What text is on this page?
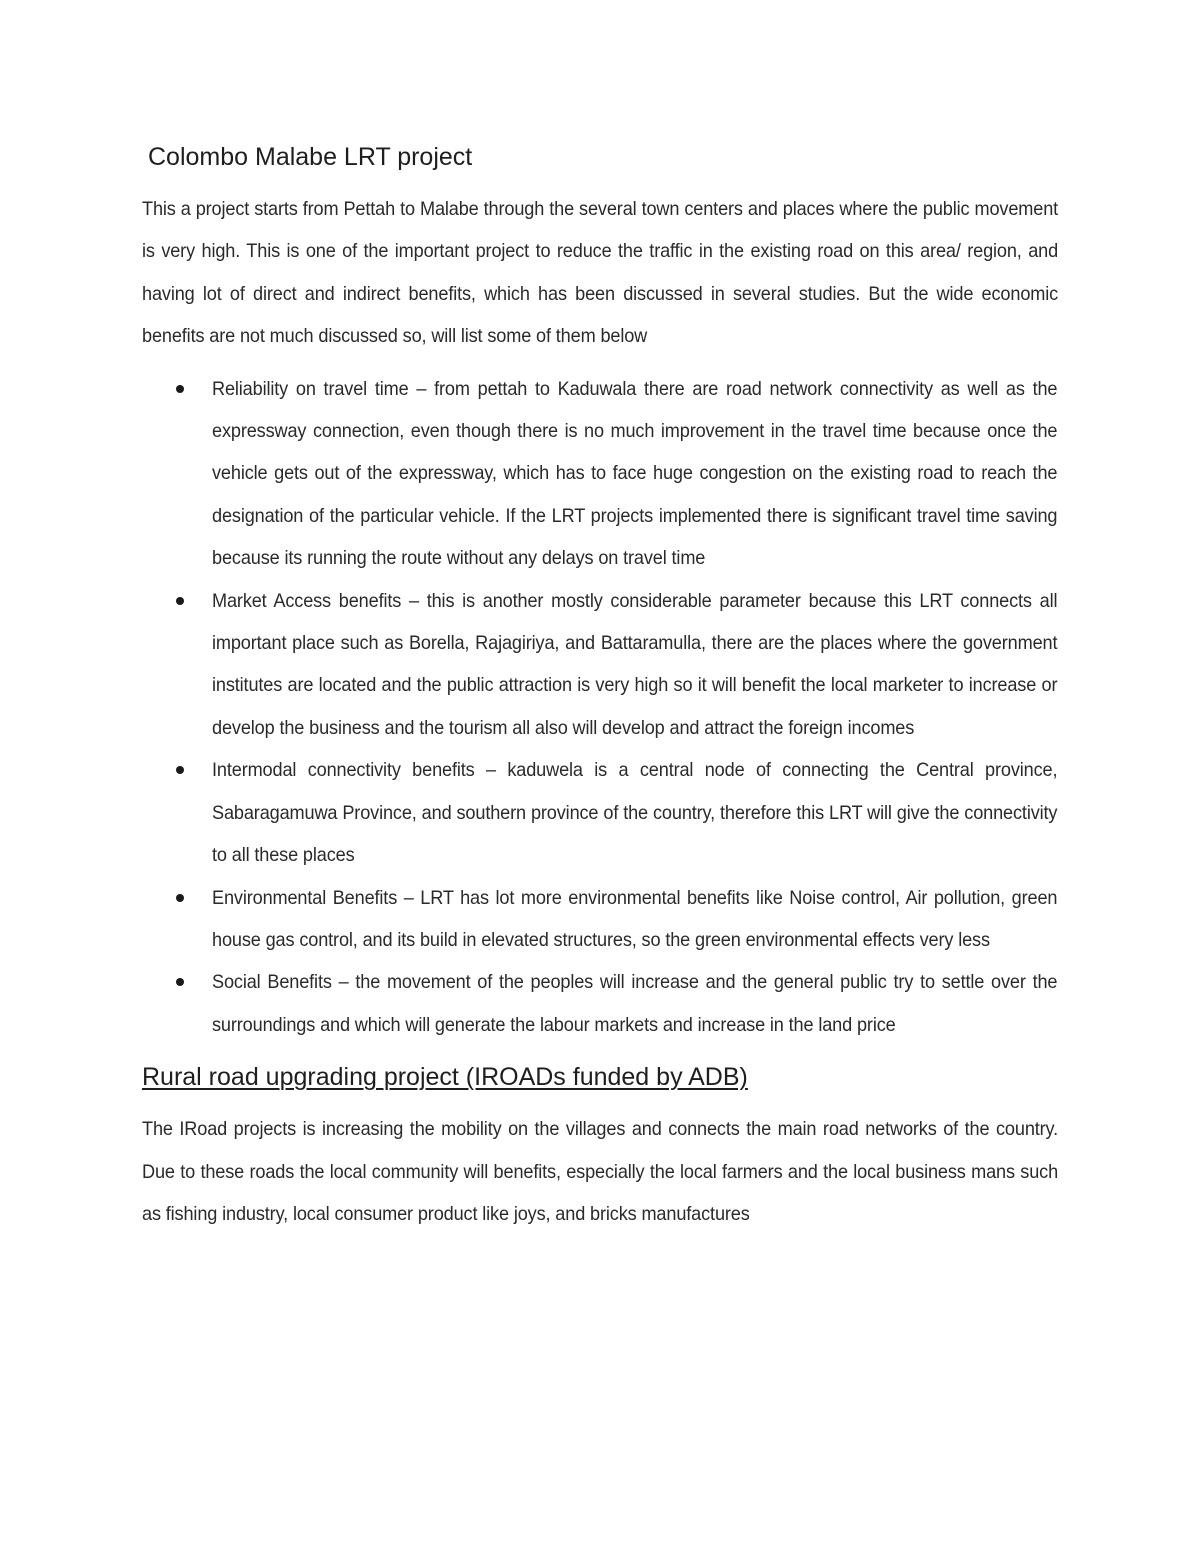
Colombo Malabe LRT project

This a project starts from Pettah to Malabe through the several town centers and places where the public movement is very high. This is one of the important project to reduce the traffic in the existing road on this area/ region, and having lot of direct and indirect benefits, which has been discussed in several studies. But the wide economic benefits are not much discussed so, will list some of them below

Reliability on travel time – from pettah to Kaduwala there are road network connectivity as well as the expressway connection, even though there is no much improvement in the travel time because once the vehicle gets out of the expressway, which has to face huge congestion on the existing road to reach the designation of the particular vehicle. If the LRT projects implemented there is significant travel time saving because its running the route without any delays on travel time

Market Access benefits – this is another mostly considerable parameter because this LRT connects all important place such as Borella, Rajagiriya, and Battaramulla, there are the places where the government institutes are located and the public attraction is very high so it will benefit the local marketer to increase or develop the business and the tourism all also will develop and attract the foreign incomes

Intermodal connectivity benefits – kaduwela is a central node of connecting the Central province, Sabaragamuwa Province, and southern province of the country, therefore this LRT will give the connectivity to all these places

Environmental Benefits – LRT has lot more environmental benefits like Noise control, Air pollution, green house gas control, and its build in elevated structures, so the green environmental effects very less

Social Benefits – the movement of the peoples will increase and the general public try to settle over the surroundings and which will generate the labour markets and increase in the land price

Rural road upgrading project (IROADs funded by ADB)

The IRoad projects is increasing the mobility on the villages and connects the main road networks of the country. Due to these roads the local community will benefits, especially the local farmers and the local business mans such as fishing industry, local consumer product like joys, and bricks manufactures
